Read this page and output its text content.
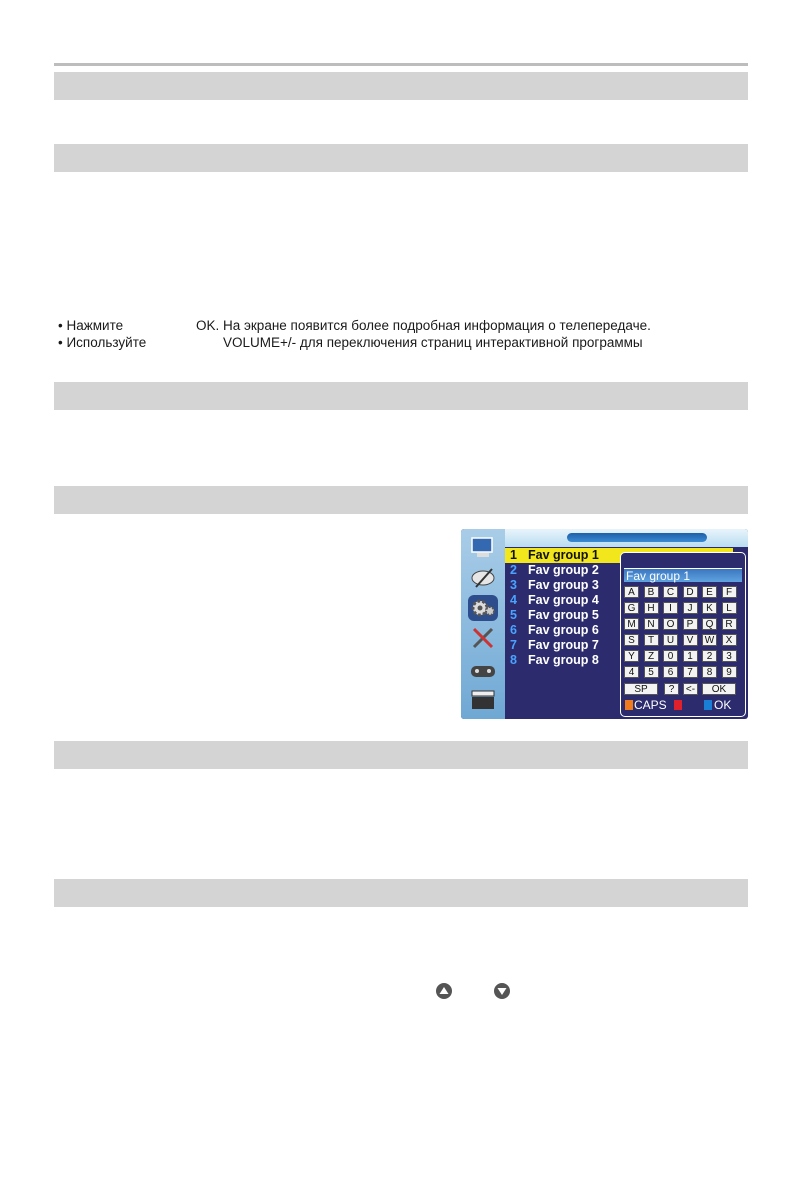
• Нажмите	OK. На экране появится более подробная информация о телепередаче.
• Используйте	VOLUME+/- для переключения страниц интерактивной программы
1 Fav group 1
2 Fav group 2
3 Fav group 3
4 Fav group 4
5 Fav group 5
6 Fav group 6
7 Fav group 7
8 Fav group 8
Fav group 1
A	B	C	D	E	F
G	H	I	J	K	L
M	N	O	P	Q	R
S	T	U	V	W	X
Y	Z	0	1	2	3
4	5	6	7	8	9
SP	?	<-	OK
CAPS	OK
